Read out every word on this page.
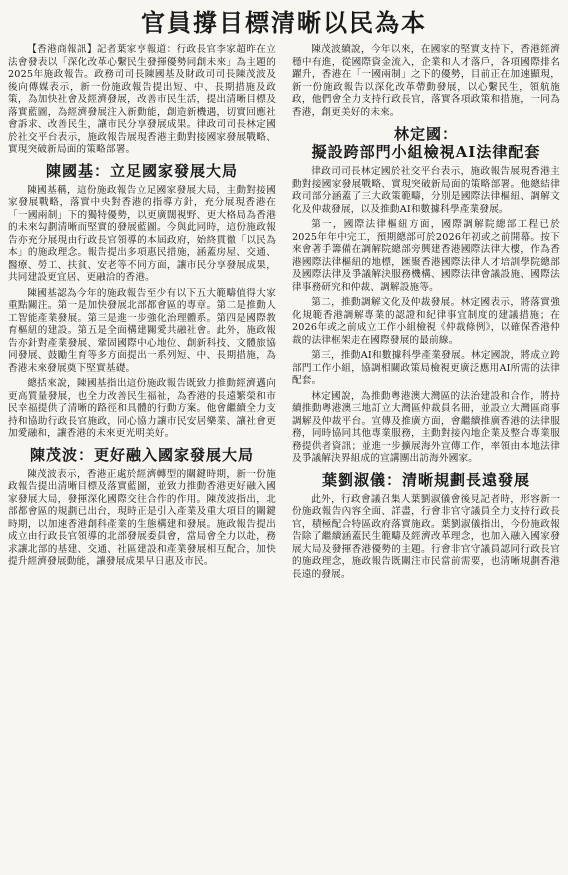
官員撐目標清晰以民為本

【香港商報訊】記者葉家亨報道：行政長官李家超昨在立法會發表以「深化改革心繫民生發揮優勢同創未來」為主題的2025年施政報告。政務司司長陳國基及財政司司長陳茂波及後向傳媒表示，新一份施政報告提出短、中、長期措施及政策，為加快社會及經濟發展，改善市民生活，提出清晰目標及落實藍圖，為經濟發展注入新動能，創造新機遇，切實回應社會訴求、改善民生，讓市民分享發展成果。律政司司長林定國於社交平台表示，施政報告展現香港主動對接國家發展戰略、實現突破新局面的策略部署。

陳國基：立足國家發展大局

陳國基稱，這份施政報告立足國家發展大局，主動對接國家發展戰略，落實中央對香港的指導方針，充分展現香港在「一國兩制」下的獨特優勢，以更廣闊視野、更大格局為香港的未來勾劃清晰而堅實的發展藍圖。今與此同時，這份施政報告亦充分展現由行政長官領導的本屆政府，始終貫徹「以民為本」的施政理念。報告提出多項惠民措施，涵蓋房屋、交通、醫療、勞工、扶貧、安老等不同方面，讓市民分享發展成果，共同建設更宜居、更融洽的香港。

陳國基認為今年的施政報告至少有以下五大範疇值得大家重點關注。第一是加快發展北部都會區的專章。第二是推動人工智能產業發展。第三是進一步強化治理體系。第四是國際教育樞紐的建設。第五是全面構建關愛共融社會。此外，施政報告亦針對產業發展、鞏固國際中心地位、創新科技、文體旅協同發展、鼓勵生育等多方面提出一系列短、中、長期措施，為香港未來發展奠下堅實基礎。

總括來說，陳國基指出這份施政報告既致力推動經濟邁向更高質量發展，也全力改善民生福祉，為香港的長遠繁榮和市民幸福提供了清晰的路徑和具體的行動方案。他會繼續全力支持和協助行政長官施政，同心協力讓市民安居樂業、讓社會更加愛融和，讓香港的未來更光明美好。

陳茂波：更好融入國家發展大局

陳茂波表示，香港正處於經濟轉型的關鍵時期，新一份施政報告提出清晰目標及落實藍圖，並致力推動香港更好融入國家發展大局，發揮深化國際交往合作的作用。陳茂波指出，北部都會區的規劃已出台，現時正是引入產業及重大項目的關鍵時期，以加速香港創科產業的生態構建和發展。施政報告提出成立由行政長官領導的北部發展委員會，當局會全力以赴，務求讓北部的基建、交通、社區建設和產業發展相互配合，加快提升經濟發展動能，讓發展成果早日惠及市民。

陳茂波續說，今年以來，在國家的堅實支持下，香港經濟穩中有進，從國際資金流入，企業和人才落戶，各項國際排名躍升，香港在「一國兩制」之下的優勢，目前正在加速顯現，新一份施政報告以深化改革帶動發展，以心繫民生，領航施政，他們會全力支持行政長官，落實各項政策和措施，一同為香港，創更美好的未來。

林定國：
擬設跨部門小組檢視AI法律配套

律政司司長林定國於社交平台表示，施政報告展現香港主動對接國家發展戰略、實現突破新局面的策略部署。他總結律政司部分涵蓋了三大政策範疇，分別是國際法律樞紐、調解文化及仲裁發展，以及推動AI和數據科學產業發展。

第一，國際法律樞紐方面，國際調解院總部工程已於2025年年中完工，預期總部可於2026年初或之前開幕。按下來會著手籌備在調解院總部旁興建香港國際法律大樓，作為香港國際法律樞紐的地標，匯聚香港國際法律人才培訓學院總部及國際法律及爭議解決服務機構、國際法律會議設施、國際法律事務研究和仲裁、調解設施等。

第二，推動調解文化及仲裁發展。林定國表示，將落實強化規範香港調解專業的認證和紀律事宜制度的建議措施；在2026年或之前成立工作小組檢視《仲裁條例》，以確保香港仲裁的法律框架走在國際發展的最前線。

第三，推動AI和數據科學產業發展。林定國說，將成立跨部門工作小組，協調相關政策局檢視更廣泛應用AI所需的法律配套。

林定國說，為推動粵港澳大灣區的法治建設和合作，將持續推動粵港澳三地訂立大灣區仲裁員名冊，並設立大灣區商事調解及仲裁平台。宣傳及推廣方面，會繼續推廣香港的法律服務，同時協同其他專業服務，主動對接內地企業及整合專業服務提供者資訊；並進一步擴展海外宣傳工作，率領由本地法律及爭議解決界組成的宣講團出訪海外國家。

葉劉淑儀：清晰規劃長遠發展

此外，行政會議召集人葉劉淑儀會後見記者時，形容新一份施政報告內容全面、詳盡，行會非官守議員全力支持行政長官，積極配合特區政府落實施政。葉劉淑儀指出，今份施政報告除了繼續涵蓋民生範疇及經濟改革理念，也加入融入國家發展大局及發揮香港優勢的主題。行會非官守議員認同行政長官的施政理念，施政報告既關注市民當前需要，也清晰規劃香港長遠的發展。
